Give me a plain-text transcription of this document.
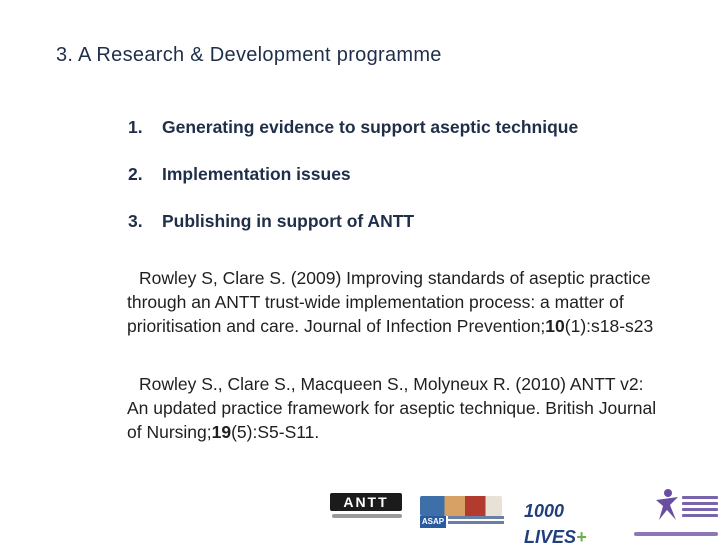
3. A Research & Development programme
1. Generating evidence to support aseptic technique
2. Implementation issues
3. Publishing in support of ANTT
Rowley S, Clare S. (2009) Improving standards of aseptic practice through an ANTT trust-wide implementation process: a matter of prioritisation and care. Journal of Infection Prevention;10(1):s18-s23
Rowley S., Clare S., Macqueen S., Molyneux R. (2010) ANTT v2: An updated practice framework for aseptic technique. British Journal of Nursing;19(5):S5-S11.
ANTT
ASAP
1000 LIVES+
